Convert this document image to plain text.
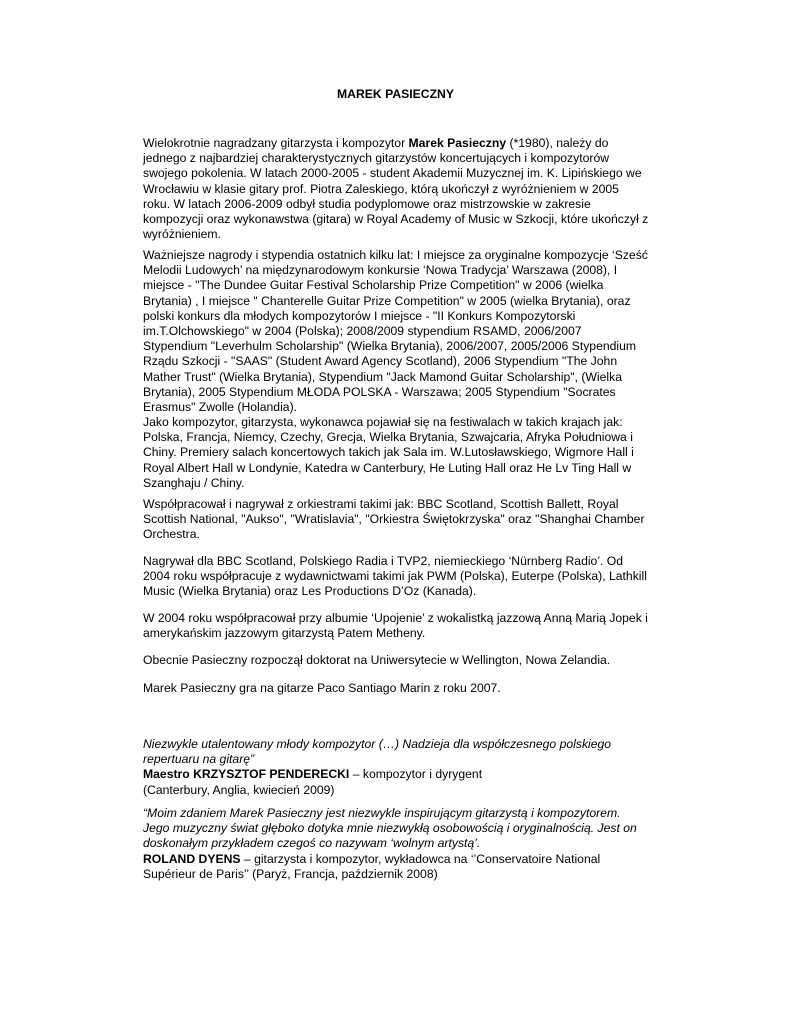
MAREK PASIECZNY
Wielokrotnie nagradzany gitarzysta i kompozytor Marek Pasieczny (*1980), należy do
jednego z najbardziej charakterystycznych gitarzystów koncertujących i kompozytorów
swojego pokolenia. W latach 2000-2005 - student Akademii Muzycznej im. K. Lipińskiego we
Wrocławiu w klasie gitary prof. Piotra Zaleskiego, którą ukończył z wyróżnieniem w 2005
roku. W latach 2006-2009 odbył studia podyplomowe oraz mistrzowskie w zakresie
kompozycji oraz wykonawstwa (gitara) w Royal Academy of Music w Szkocji, które ukończył z
wyróżnieniem.
Ważniejsze nagrody i stypendia ostatnich kilku lat: I miejsce za oryginalne kompozycje ‘Sześć
Melodii Ludowych’ na międzynarodowym konkursie ‘Nowa Tradycja’ Warszawa (2008), I
miejsce - "The Dundee Guitar Festival Scholarship Prize Competition" w 2006 (wielka
Brytania) , I miejsce " Chanterelle Guitar Prize Competition" w 2005 (wielka Brytania), oraz
polski konkurs dla młodych kompozytorów I miejsce - "II Konkurs Kompozytorski
im.T.Olchowskiego" w 2004 (Polska); 2008/2009 stypendium RSAMD, 2006/2007
Stypendium "Leverhulm Scholarship" (Wielka Brytania), 2006/2007, 2005/2006 Stypendium
Rządu Szkocji - "SAAS" (Student Award Agency Scotland), 2006 Stypendium "The John
Mather Trust" (Wielka Brytania), Stypendium "Jack Mamond Guitar Scholarship", (Wielka
Brytania), 2005 Stypendium MŁODA POLSKA - Warszawa; 2005 Stypendium "Socrates
Erasmus" Zwolle (Holandia).
Jako kompozytor, gitarzysta, wykonawca pojawiał się na festiwalach w takich krajach jak:
Polska, Francja, Niemcy, Czechy, Grecja, Wielka Brytania, Szwajcaria, Afryka Południowa i
Chiny. Premiery salach koncertowych takich jak Sala im. W.Lutosławskiego, Wigmore Hall i
Royal Albert Hall w Londynie, Katedra w Canterbury, He Luting Hall oraz He Lv Ting Hall w
Szanghaju / Chiny.
Współpracował i nagrywał z orkiestrami takimi jak: BBC Scotland, Scottish Ballett, Royal
Scottish National, "Aukso", "Wratislavia", "Orkiestra Świętokrzyska" oraz "Shanghai Chamber
Orchestra.
Nagrywał dla BBC Scotland, Polskiego Radia i TVP2, niemieckiego ‘Nürnberg Radio’. Od
2004 roku współpracuje z wydawnictwami takimi jak PWM (Polska), Euterpe (Polska), Lathkill
Music (Wielka Brytania) oraz Les Productions D’Oz (Kanada).
W 2004 roku współpracował przy albumie ‘Upojenie’ z wokalistką jazzową Anną Marią Jopek i
amerykańskim jazzowym gitarzystą Patem Metheny.
Obecnie Pasieczny rozpoczął doktorat na Uniwersytecie w Wellington, Nowa Zelandia.
Marek Pasieczny gra na gitarze Paco Santiago Marin z roku 2007.
Niezwykle utalentowany młody kompozytor (…) Nadzieja dla współczesnego polskiego
repertuaru na gitarę”
Maestro KRZYSZTOF PENDERECKI – kompozytor i dyrygent
(Canterbury, Anglia, kwiecień 2009)
“Moim zdaniem Marek Pasieczny jest niezwykle inspirującym gitarzystą i kompozytorem.
Jego muzyczny świat głęboko dotyka mnie niezwykłą osobowością i oryginalnością. Jest on
doskonałym przykładem czegoś co nazywam ‘wolnym artystą’.
ROLAND DYENS – gitarzysta i kompozytor, wykładowca na ‘’Conservatoire National
Supérieur de Paris’’ (Paryż, Francja, październik 2008)
